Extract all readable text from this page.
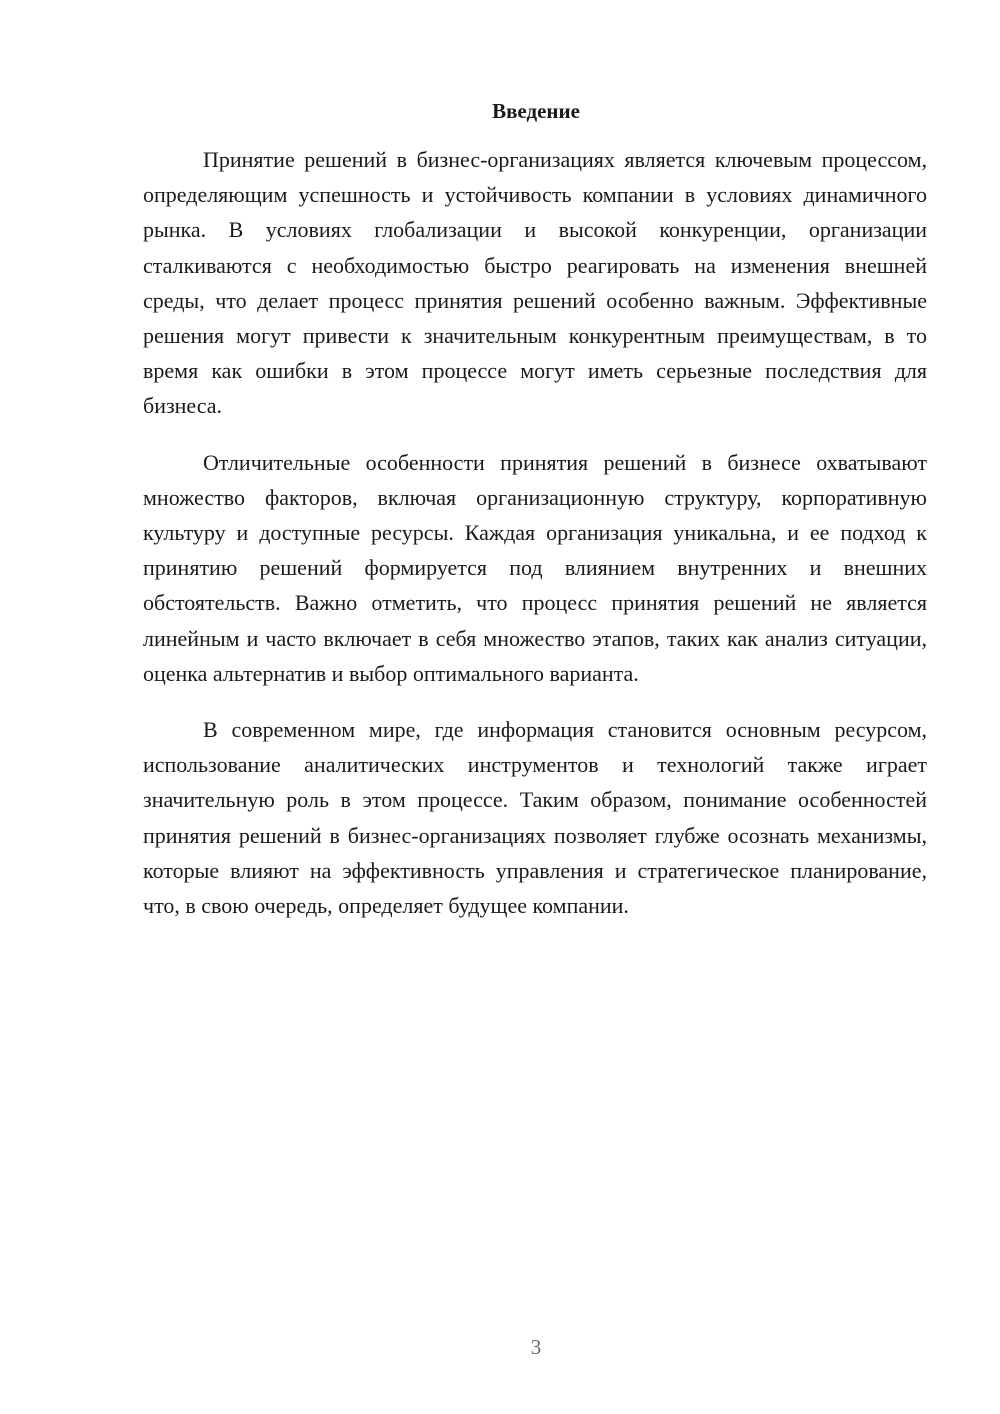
Введение

Принятие решений в бизнес-организациях является ключевым процессом, определяющим успешность и устойчивость компании в условиях динамичного рынка. В условиях глобализации и высокой конкуренции, организации сталкиваются с необходимостью быстро реагировать на изменения внешней среды, что делает процесс принятия решений особенно важным. Эффективные решения могут привести к значительным конкурентным преимуществам, в то время как ошибки в этом процессе могут иметь серьезные последствия для бизнеса.

Отличительные особенности принятия решений в бизнесе охватывают множество факторов, включая организационную структуру, корпоративную культуру и доступные ресурсы. Каждая организация уникальна, и ее подход к принятию решений формируется под влиянием внутренних и внешних обстоятельств. Важно отметить, что процесс принятия решений не является линейным и часто включает в себя множество этапов, таких как анализ ситуации, оценка альтернатив и выбор оптимального варианта.

В современном мире, где информация становится основным ресурсом, использование аналитических инструментов и технологий также играет значительную роль в этом процессе. Таким образом, понимание особенностей принятия решений в бизнес-организациях позволяет глубже осознать механизмы, которые влияют на эффективность управления и стратегическое планирование, что, в свою очередь, определяет будущее компании.

3
